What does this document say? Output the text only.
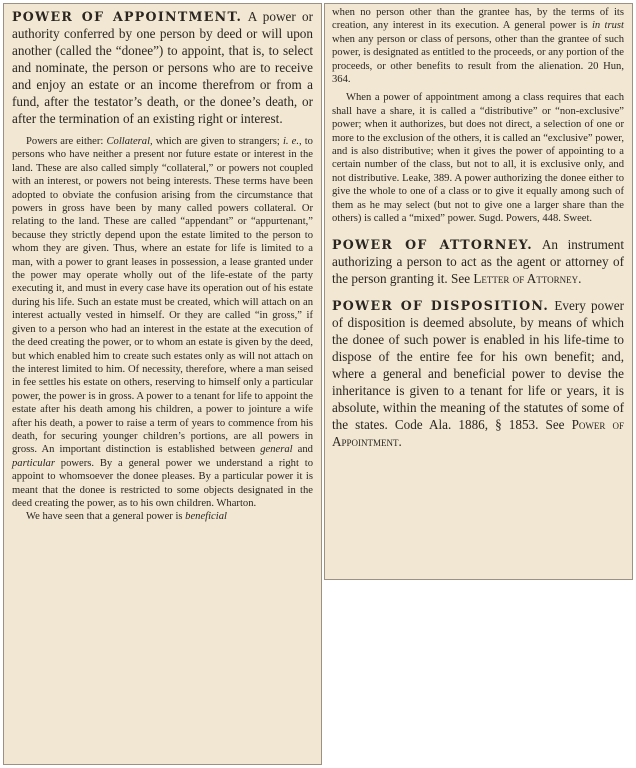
POWER OF APPOINTMENT. A power or authority conferred by one person by deed or will upon another (called the “donee”) to appoint, that is, to select and nominate, the person or persons who are to receive and enjoy an estate or an income therefrom or from a fund, after the testator’s death, or the donee’s death, or after the termination of an existing right or interest.

Powers are either: Collateral, which are given to strangers; i. e., to persons who have neither a present nor future estate or interest in the land. These are also called simply “collateral,” or powers not coupled with an interest, or powers not being interests. These terms have been adopted to obviate the confusion arising from the circumstance that powers in gross have been by many called powers collateral. Or relating to the land. These are called “appendant” or “appurtenant,” because they strictly depend upon the estate limited to the person to whom they are given. Thus, where an estate for life is limited to a man, with a power to grant leases in possession, a lease granted under the power may operate wholly out of the life-estate of the party executing it, and must in every case have its operation out of his estate during his life. Such an estate must be created, which will attach on an interest actually vested in himself. Or they are called “in gross,” if given to a person who had an interest in the estate at the execution of the deed creating the power, or to whom an estate is given by the deed, but which enabled him to create such estates only as will not attach on the interest limited to him. Of necessity, therefore, where a man seised in fee settles his estate on others, reserving to himself only a particular power, the power is in gross. A power to a tenant for life to appoint the estate after his death among his children, a power to jointure a wife after his death, a power to raise a term of years to commence from his death, for securing younger children’s portions, are all powers in gross. An important distinction is established between general and particular powers. By a general power we understand a right to appoint to whomsoever the donee pleases. By a particular power it is meant that the donee is restricted to some objects designated in the deed creating the power, as to his own children. Wharton.

We have seen that a general power is beneficial

when no person other than the grantee has, by the terms of its creation, any interest in its execution. A general power is in trust when any person or class of persons, other than the grantee of such power, is designated as entitled to the proceeds, or any portion of the proceeds, or other benefits to result from the alienation. 20 Hun, 364.

When a power of appointment among a class requires that each shall have a share, it is called a “distributive” or “non-exclusive” power; when it authorizes, but does not direct, a selection of one or more to the exclusion of the others, it is called an “exclusive” power, and is also distributive; when it gives the power of appointing to a certain number of the class, but not to all, it is exclusive only, and not distributive. Leake, 389. A power authorizing the donee either to give the whole to one of a class or to give it equally among such of them as he may select (but not to give one a larger share than the others) is called a “mixed” power. Sugd. Powers, 448. Sweet.

POWER OF ATTORNEY. An instrument authorizing a person to act as the agent or attorney of the person granting it. See Letter of Attorney.

POWER OF DISPOSITION. Every power of disposition is deemed absolute, by means of which the donee of such power is enabled in his life-time to dispose of the entire fee for his own benefit; and, where a general and beneficial power to devise the inheritance is given to a tenant for life or years, it is absolute, within the meaning of the statutes of some of the states. Code Ala. 1886, § 1853. See Power of Appointment.
